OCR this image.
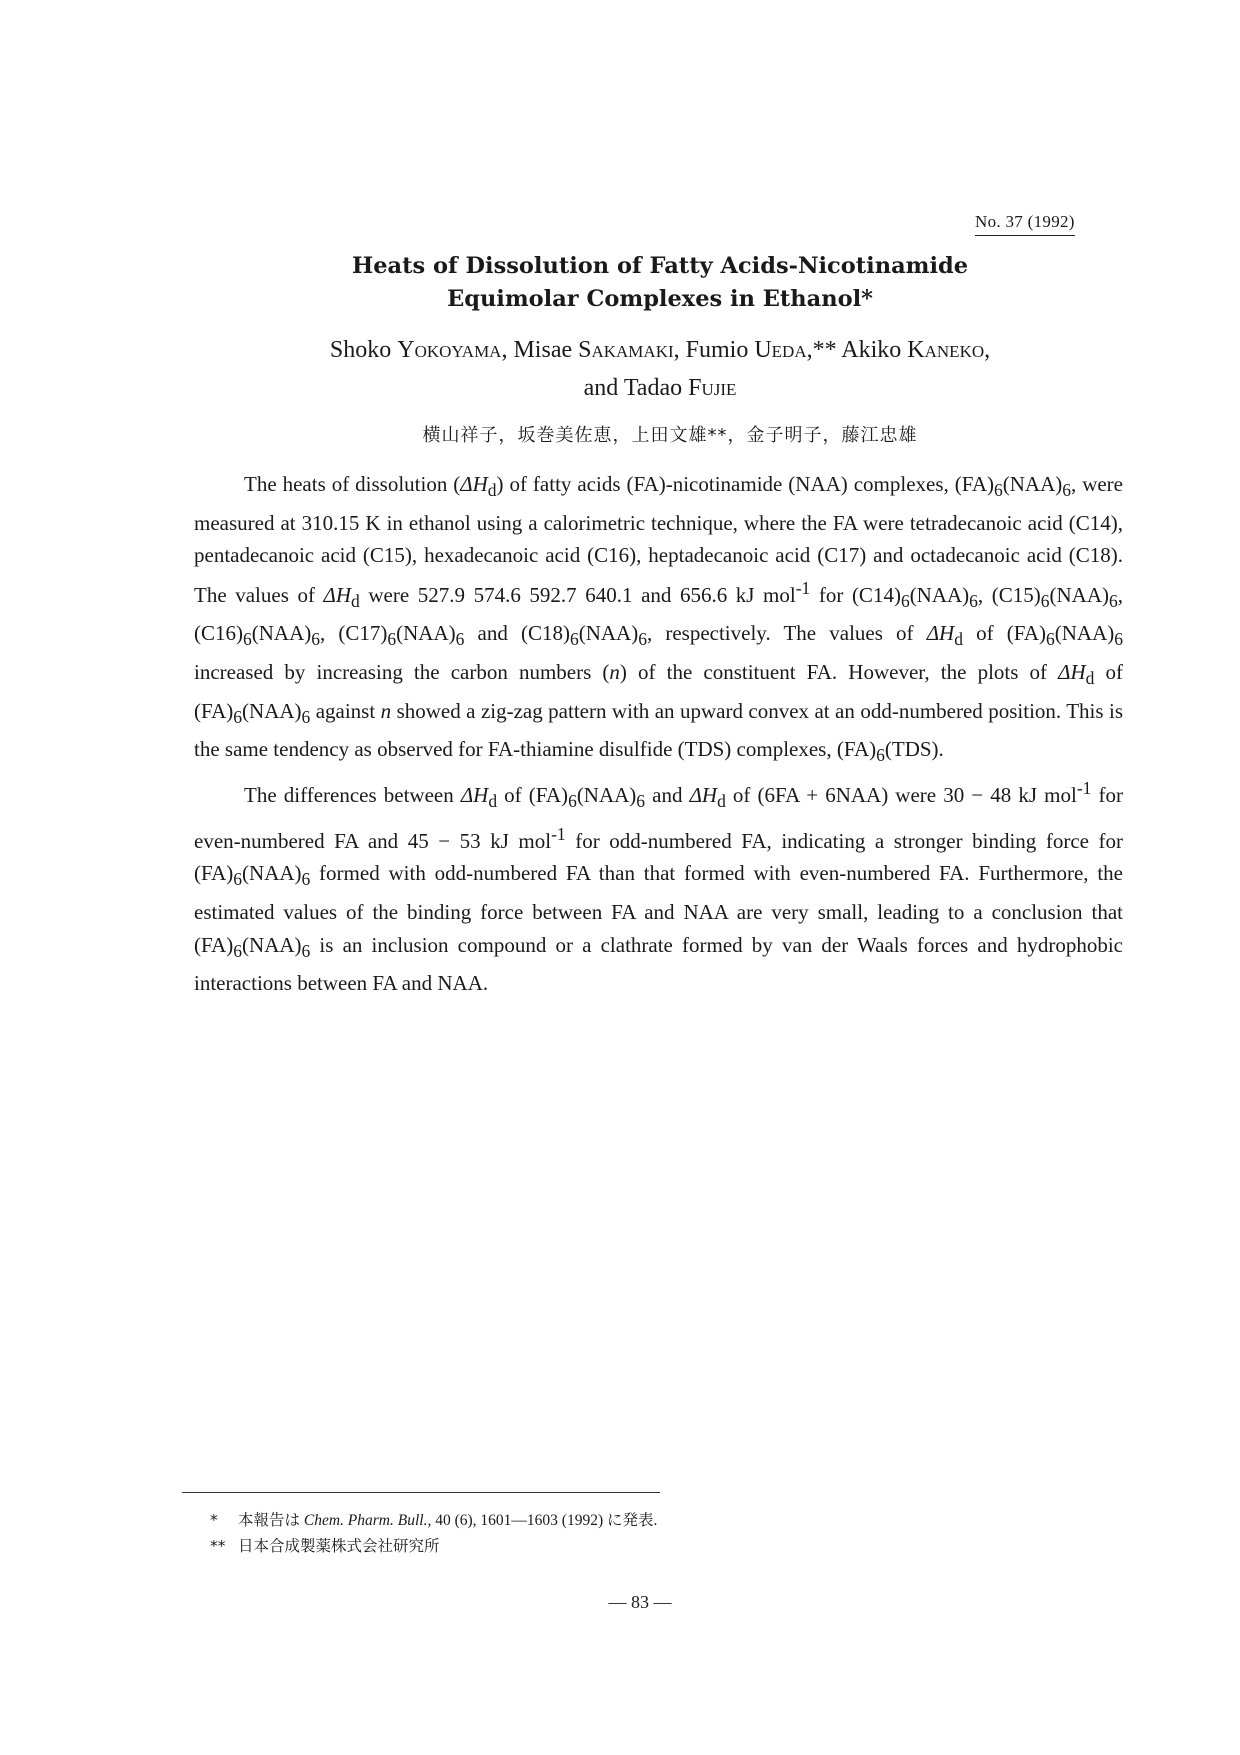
No. 37 (1992)
Heats of Dissolution of Fatty Acids-Nicotinamide
Equimolar Complexes in Ethanol*
Shoko Yokoyama, Misae Sakamaki, Fumio Ueda,** Akiko Kaneko,
and Tadao Fujie
横山祥子，坂巻美佐恵，上田文雄**，金子明子，藤江忠雄

The heats of dissolution $(\Delta H_d)$ of fatty acids (FA)-nicotinamide (NAA) complexes, $(FA)_6(NAA)_6$, were measured at 310.15 K in ethanol using a calorimetric technique, where the FA were tetradecanoic acid (C14), pentadecanoic acid (C15), hexadecanoic acid (C16), heptadecanoic acid (C17) and octadecanoic acid (C18). The values of $\Delta H_d$ were 527.9 574.6 592.7 640.1 and 656.6 kJ mol$^{-1}$ for $(C14)_6(NAA)_6$, $(C15)_6(NAA)_6$, $(C16)_6(NAA)_6$, $(C17)_6(NAA)_6$ and $(C18)_6(NAA)_6$, respectively. The values of $\Delta H_d$ of $(FA)_6(NAA)_6$ increased by increasing the carbon numbers (n) of the constituent FA. However, the plots of $\Delta H_d$ of $(FA)_6(NAA)_6$ against n showed a zig-zag pattern with an upward convex at an odd-numbered position. This is the same tendency as observed for FA-thiamine disulfide (TDS) complexes, $(FA)_6(TDS)$.

The differences between $\Delta H_d$ of $(FA)_6(NAA)_6$ and $\Delta H_d$ of (6FA + 6NAA) were 30 − 48 kJ mol$^{-1}$ for even-numbered FA and 45 − 53 kJ mol$^{-1}$ for odd-numbered FA, indicating a stronger binding force for $(FA)_6(NAA)_6$ formed with odd-numbered FA than that formed with even-numbered FA. Furthermore, the estimated values of the binding force between FA and NAA are very small, leading to a conclusion that $(FA)_6(NAA)_6$ is an inclusion compound or a clathrate formed by van der Waals forces and hydrophobic interactions between FA and NAA.

* 本報告は Chem. Pharm. Bull., 40 (6), 1601—1603 (1992) に発表.
** 日本合成製薬株式会社研究所
— 83 —
